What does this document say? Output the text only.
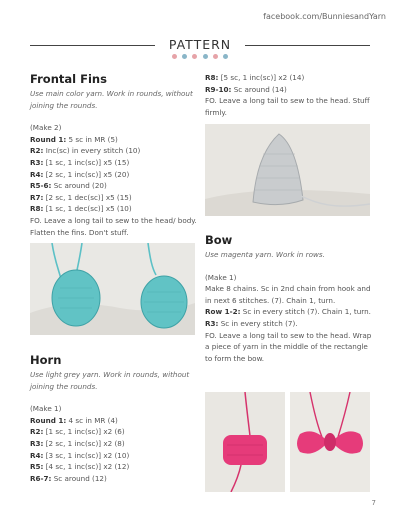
facebook.com/BunniesandYarn
PATTERN
Frontal Fins

Use main color yarn. Work in rounds, without joining the rounds.

(Make 2)

Round 1: 5 sc in MR (5)

R2: Inc(sc) in every stitch (10)

R3: [1 sc, 1 inc(sc)] x5 (15)

R4: [2 sc, 1 inc(sc)] x5 (20)

R5-6: Sc around (20)

R7: [2 sc, 1 dec(sc)] x5 (15)

R8: [1 sc, 1 dec(sc)] x5 (10)

FO. Leave a long tail to sew to the head/ body. Flatten the fins. Don't stuff.

Horn

Use light grey yarn. Work in rounds, without joining the rounds.

(Make 1)

Round 1: 4 sc in MR (4)

R2: [1 sc, 1 inc(sc)] x2 (6)

R3: [2 sc, 1 inc(sc)] x2 (8)

R4: [3 sc, 1 inc(sc)] x2 (10)

R5: [4 sc, 1 inc(sc)] x2 (12)

R6-7: Sc around (12)

R8: [5 sc, 1 inc(sc)] x2 (14)

R9-10: Sc around (14)

FO. Leave a long tail to sew to the head. Stuff firmly.

Bow

Use magenta yarn. Work in rows.

(Make 1)

Make 8 chains. Sc in 2nd chain from hook and in next 6 stitches. (7). Chain 1, turn.

Row 1-2: Sc in every stitch (7). Chain 1, turn.

R3: Sc in every stitch (7).

FO. Leave a long tail to sew to the head. Wrap a piece of yarn in the middle of the rectangle to form the bow.

7
